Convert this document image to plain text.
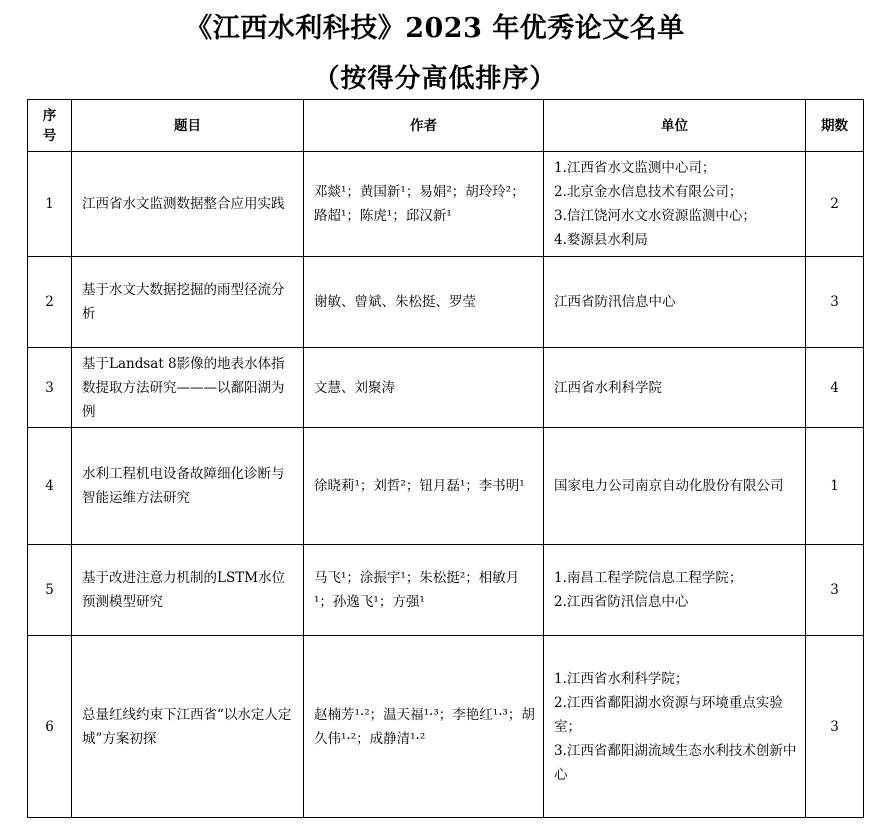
《江西水利科技》2023 年优秀论文名单
（按得分高低排序）
序
号	题目	作者	单位	期数
1	江西省水文监测数据整合应用实践	邓燚¹；黄国新¹；易娟²；胡玲玲²；路超¹；陈虎¹；邱汉新¹	1.江西省水文监测中心司；
2.北京金水信息技术有限公司；
3.信江饶河水文水资源监测中心；
4.婺源县水利局	2
2	基于水文大数据挖掘的雨型径流分析	谢敏、曾斌、朱松挺、罗莹	江西省防汛信息中心	3
3	基于Landsat 8影像的地表水体指数提取方法研究———以鄱阳湖为例	文慧、刘聚涛	江西省水利科学院	4
4	水利工程机电设备故障细化诊断与智能运维方法研究	徐晓莉¹；刘哲²；钮月磊¹；李书明¹	国家电力公司南京自动化股份有限公司	1
5	基于改进注意力机制的LSTM水位预测模型研究	马飞¹；涂振宇¹；朱松挺²；相敏月¹；孙逸飞¹；方强¹	1.南昌工程学院信息工程学院；
2.江西省防汛信息中心	3
6	总量红线约束下江西省“以水定人定城”方案初探	赵楠芳¹·²；温天福¹·³；李艳红¹·³；胡久伟¹·²；成静清¹·²	1.江西省水利科学院；
2.江西省鄱阳湖水资源与环境重点实验室；
3.江西省鄱阳湖流域生态水利技术创新中心	3
